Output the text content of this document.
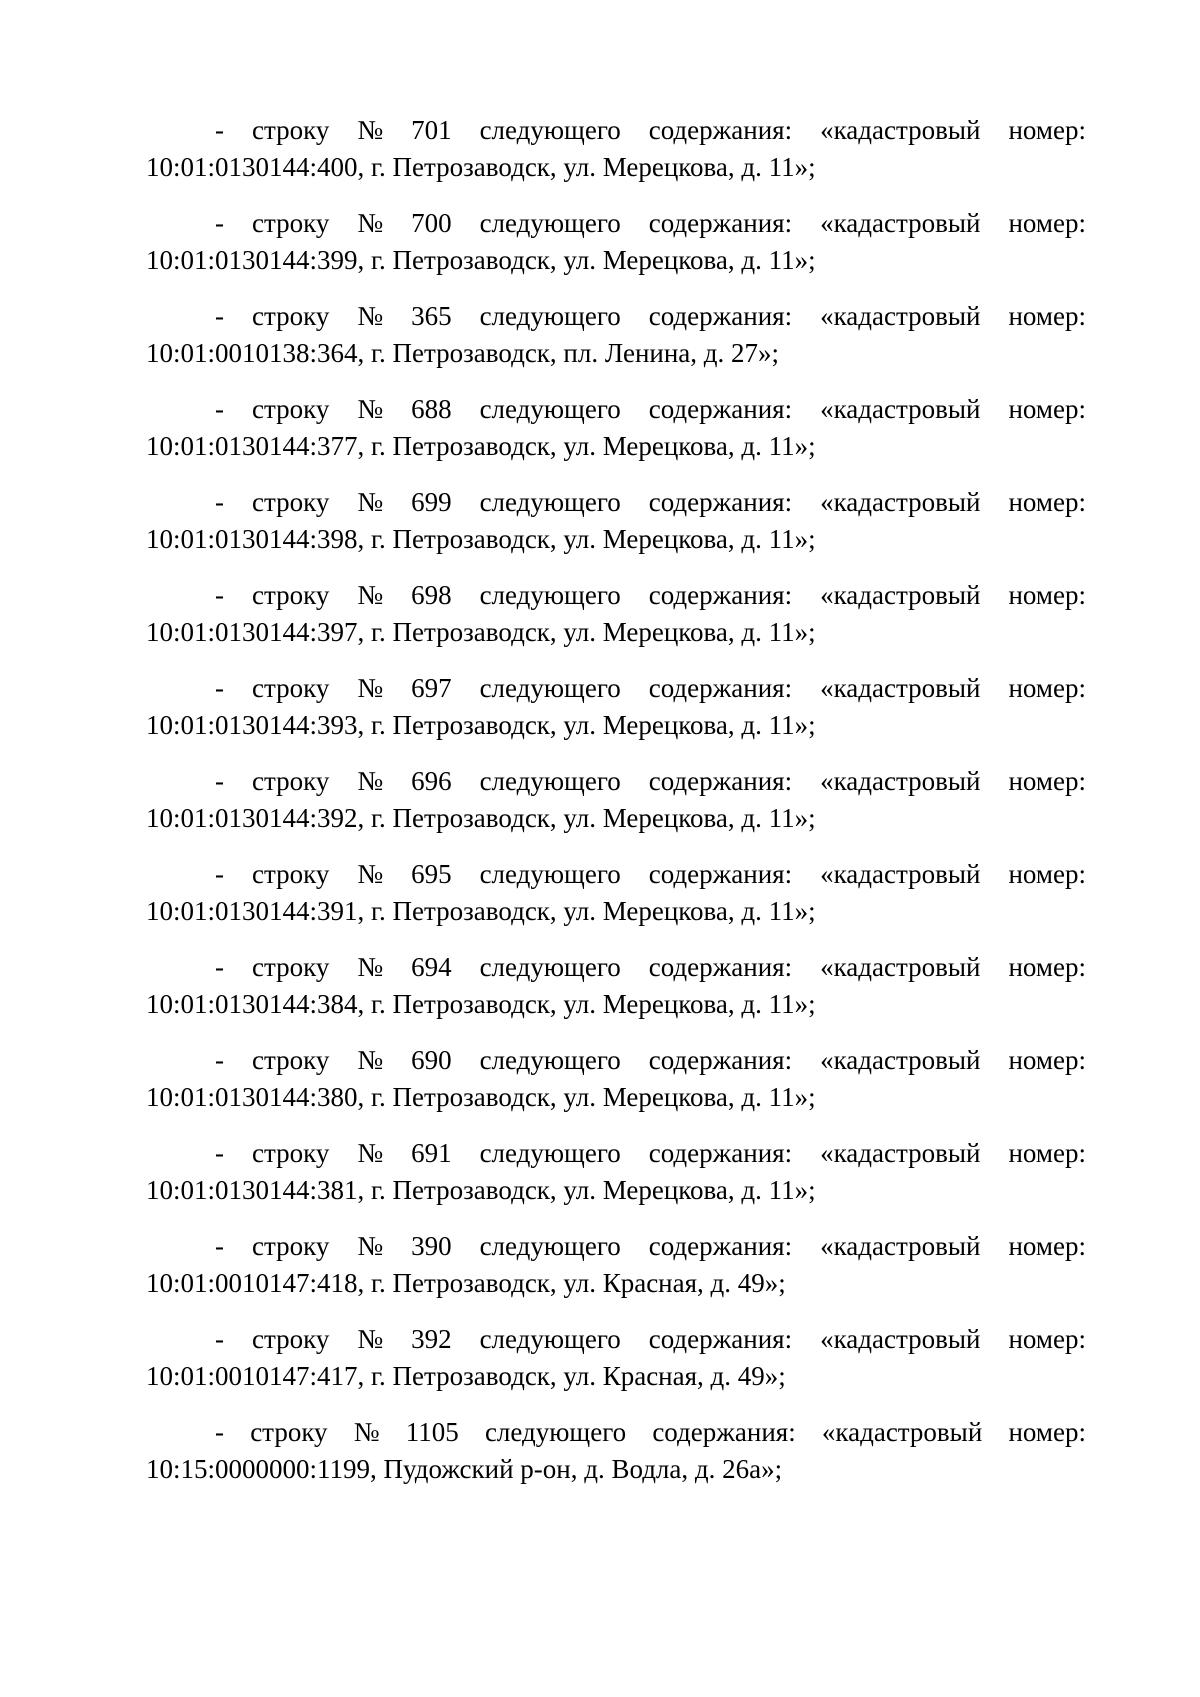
- строку № 701 следующего содержания: «кадастровый номер:
10:01:0130144:400, г. Петрозаводск, ул. Мерецкова, д. 11»;
- строку № 700 следующего содержания: «кадастровый номер:
10:01:0130144:399, г. Петрозаводск, ул. Мерецкова, д. 11»;
- строку № 365 следующего содержания: «кадастровый номер:
10:01:0010138:364, г. Петрозаводск, пл. Ленина, д. 27»;
- строку № 688 следующего содержания: «кадастровый номер:
10:01:0130144:377, г. Петрозаводск, ул. Мерецкова, д. 11»;
- строку № 699 следующего содержания: «кадастровый номер:
10:01:0130144:398, г. Петрозаводск, ул. Мерецкова, д. 11»;
- строку № 698 следующего содержания: «кадастровый номер:
10:01:0130144:397, г. Петрозаводск, ул. Мерецкова, д. 11»;
- строку № 697 следующего содержания: «кадастровый номер:
10:01:0130144:393, г. Петрозаводск, ул. Мерецкова, д. 11»;
- строку № 696 следующего содержания: «кадастровый номер:
10:01:0130144:392, г. Петрозаводск, ул. Мерецкова, д. 11»;
- строку № 695 следующего содержания: «кадастровый номер:
10:01:0130144:391, г. Петрозаводск, ул. Мерецкова, д. 11»;
- строку № 694 следующего содержания: «кадастровый номер:
10:01:0130144:384, г. Петрозаводск, ул. Мерецкова, д. 11»;
- строку № 690 следующего содержания: «кадастровый номер:
10:01:0130144:380, г. Петрозаводск, ул. Мерецкова, д. 11»;
- строку № 691 следующего содержания: «кадастровый номер:
10:01:0130144:381, г. Петрозаводск, ул. Мерецкова, д. 11»;
- строку № 390 следующего содержания: «кадастровый номер:
10:01:0010147:418, г. Петрозаводск, ул. Красная, д. 49»;
- строку № 392 следующего содержания: «кадастровый номер:
10:01:0010147:417, г. Петрозаводск, ул. Красная, д. 49»;
- строку № 1105 следующего содержания: «кадастровый номер:
10:15:0000000:1199, Пудожский р-он, д. Водла, д. 26а»;
